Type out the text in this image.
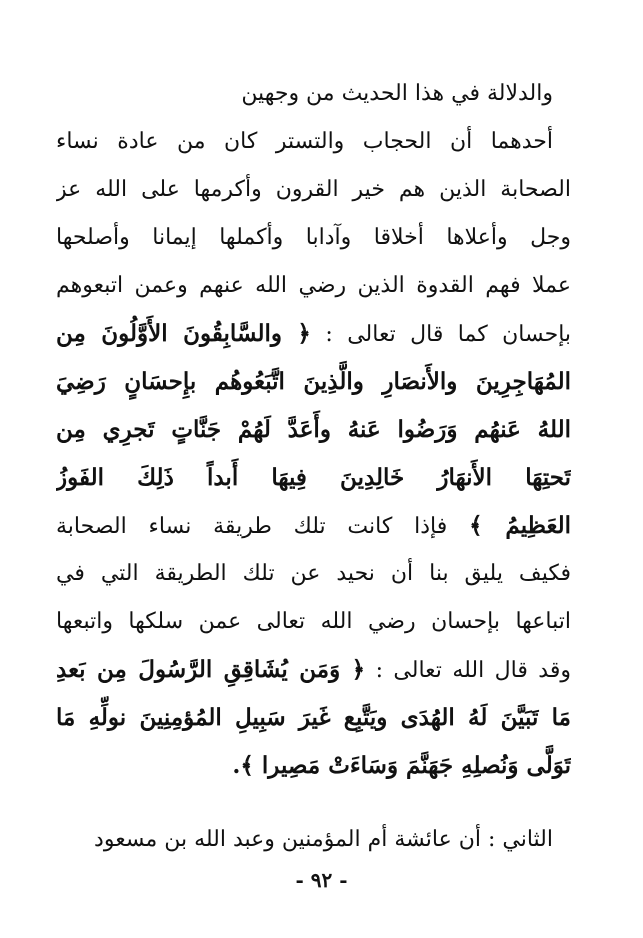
والدلالة في هذا الحديث من وجهين
أحدهما أن الحجاب والتستر كان من عادة نساء
الصحابة الذين هم خير القرون وأكرمها على الله عز
وجل وأعلاها أخلاقا وآدابا وأكملها إيمانا وأصلحها
عملا فهم القدوة الذين رضي الله عنهم وعمن اتبعوهم
بإحسان كما قال تعالى : ﴿ والسَّابِقُونَ الأَوَّلُونَ مِن
المُهَاجِرِينَ والأَنصَارِ والَّذِينَ اتَّبَعُوهُم بإِحسَانٍ رَضِيَ
اللهُ عَنهُم وَرَضُوا عَنهُ وأَعَدَّ لَهُمْ جَنَّاتٍ تَجرِي مِن
تَحتِهَا الأَنهَارُ خَالِدِينَ فِيهَا أَبداً ذَلِكَ الفَوزُ
العَظِيمُ ﴾ فإذا كانت تلك طريقة نساء الصحابة
فكيف يليق بنا أن نحيد عن تلك الطريقة التي في
اتباعها بإحسان رضي الله تعالى عمن سلكها واتبعها
وقد قال الله تعالى : ﴿ وَمَن يُشَاقِقِ الرَّسُولَ مِن بَعدِ
مَا تَبَيَّنَ لَهُ الهُدَى ويَتَّبِع غَيرَ سَبِيلِ المُؤمِنِينَ نولِّهِ مَا
تَوَلَّى وَنُصلِهِ جَهَنَّمَ وَسَاءَتْ مَصِيرا ﴾.
الثاني : أن عائشة أم المؤمنين وعبد الله بن مسعود
- ٩٢ -
